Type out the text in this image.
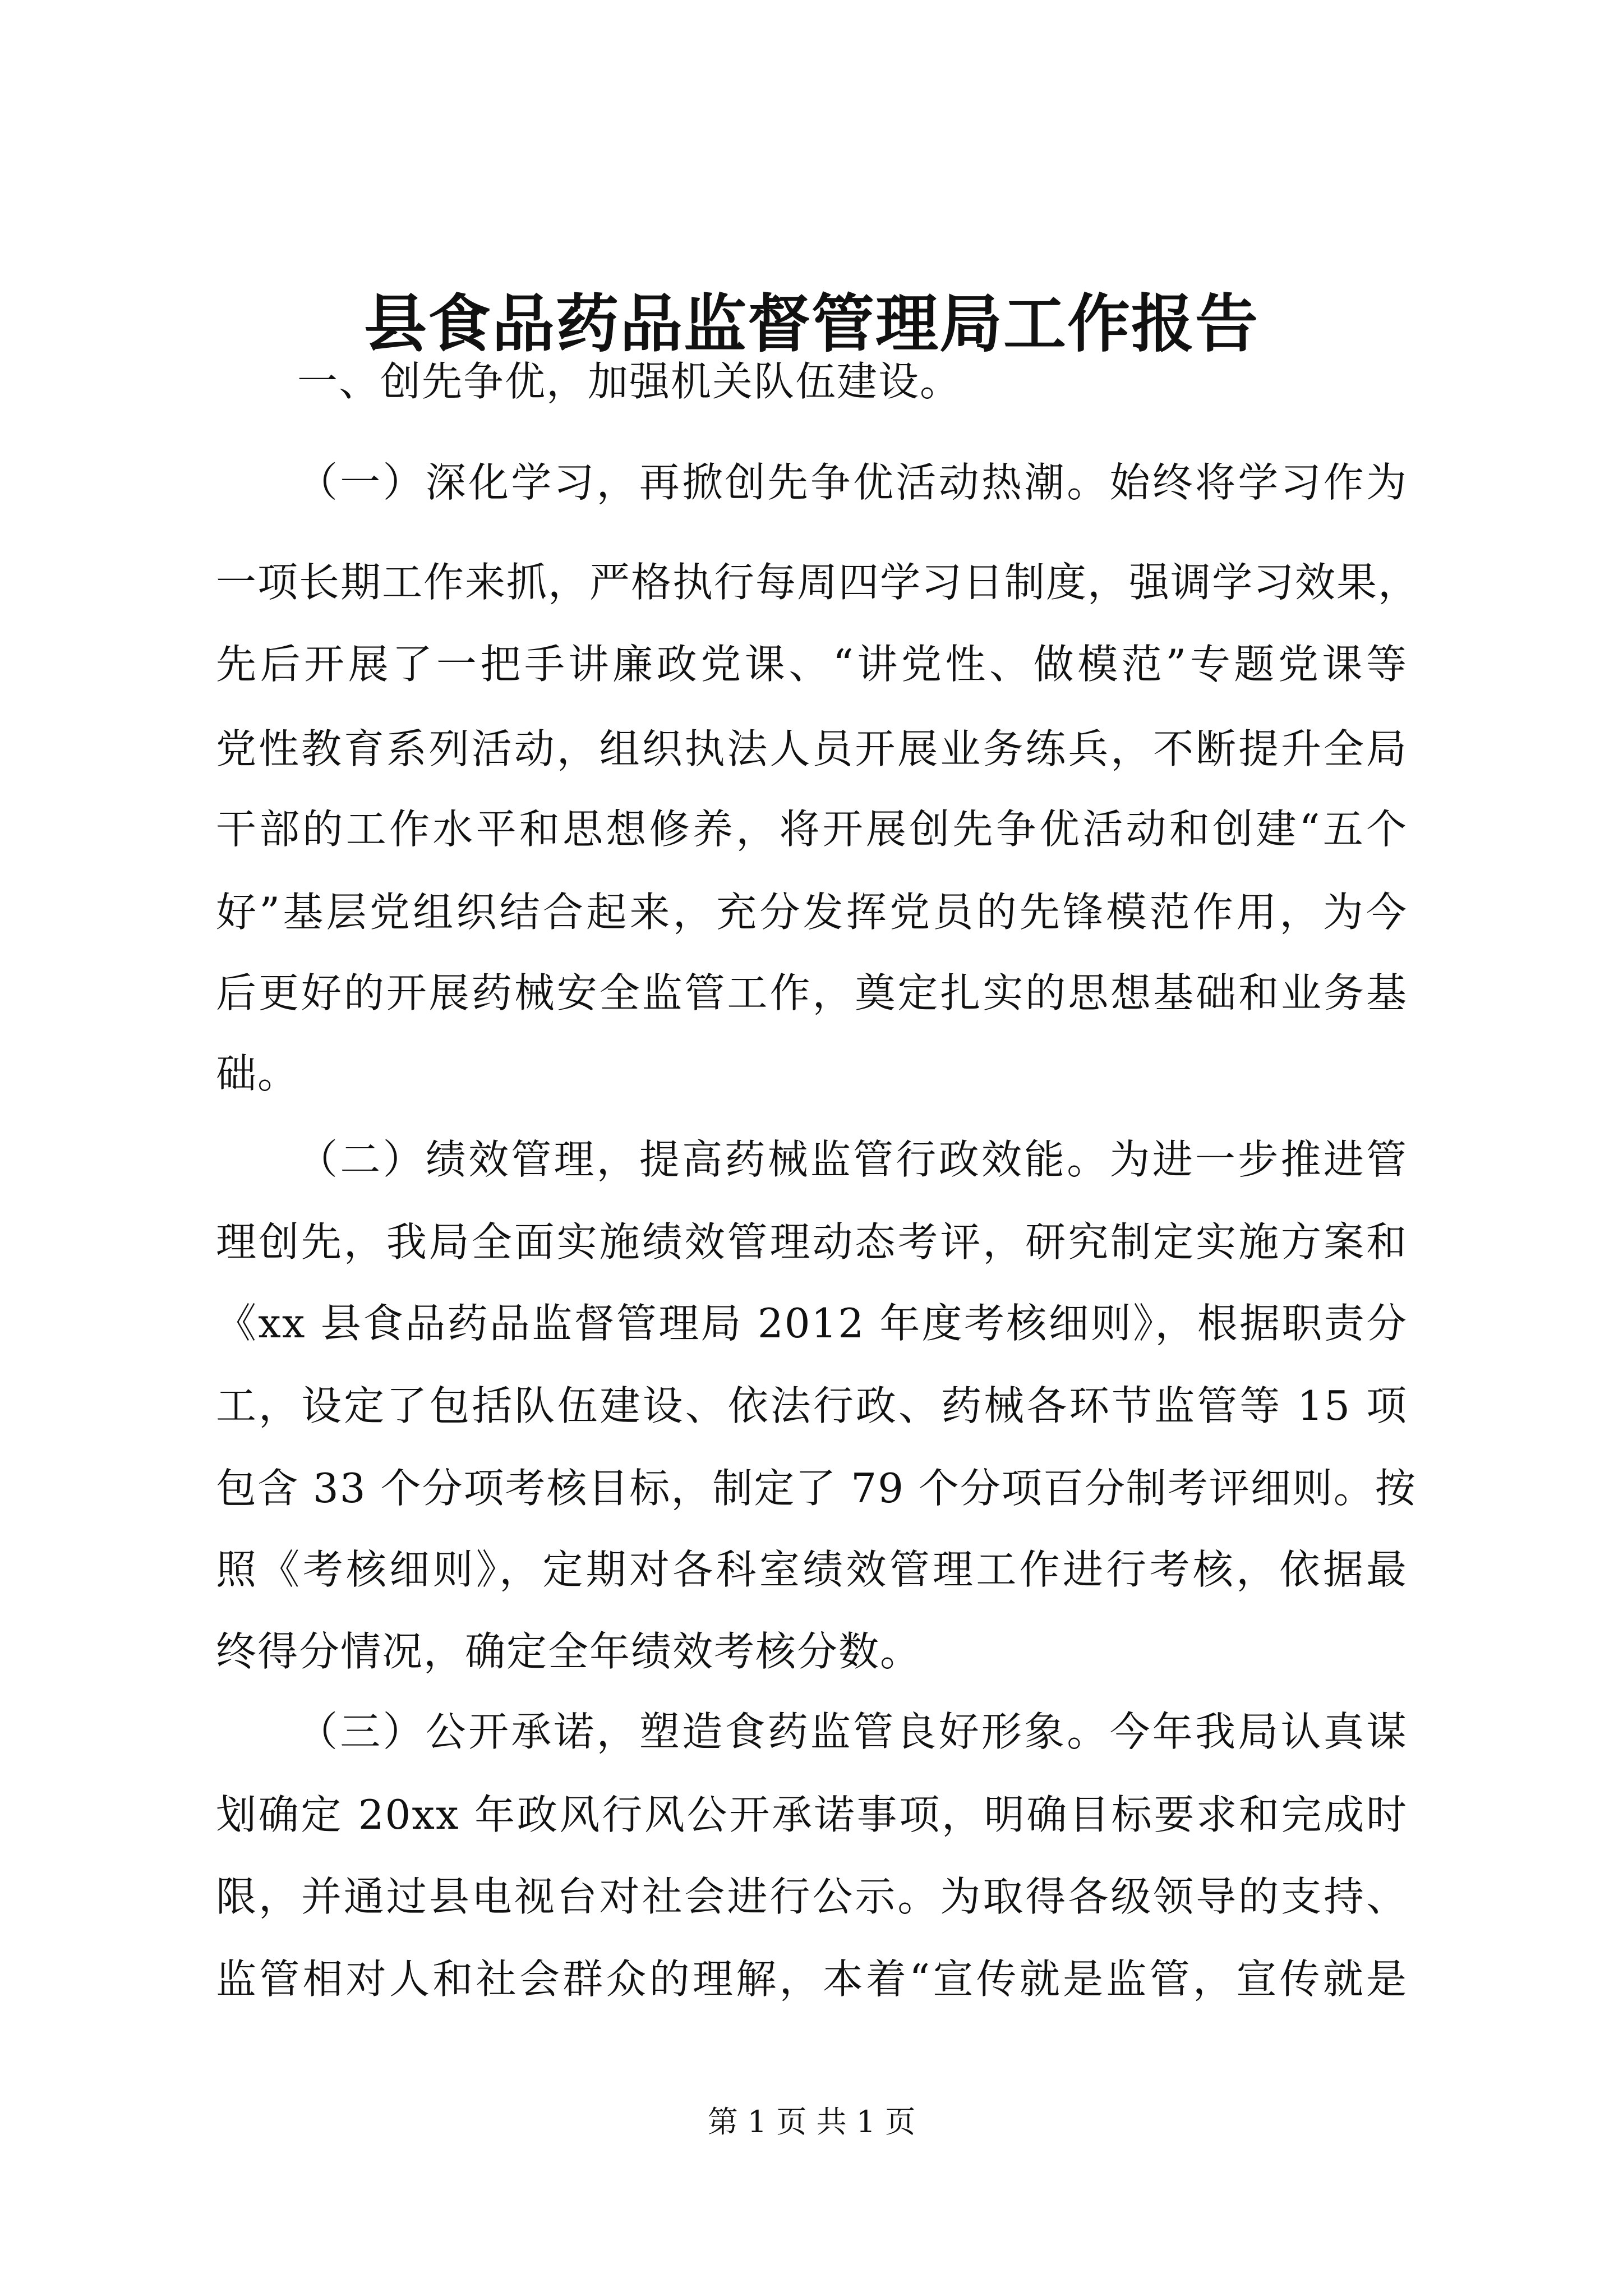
县食品药品监督管理局工作报告
一、创先争优，加强机关队伍建设。
（一）深化学习，再掀创先争优活动热潮。始终将学习作为
一项长期工作来抓，严格执行每周四学习日制度，强调学习效果，
先后开展了一把手讲廉政党课、“讲党性、做模范”专题党课等
党性教育系列活动，组织执法人员开展业务练兵，不断提升全局
干部的工作水平和思想修养，将开展创先争优活动和创建“五个
好”基层党组织结合起来，充分发挥党员的先锋模范作用，为今
后更好的开展药械安全监管工作，奠定扎实的思想基础和业务基
础。
（二）绩效管理，提高药械监管行政效能。为进一步推进管
理创先，我局全面实施绩效管理动态考评，研究制定实施方案和
《xx 县食品药品监督管理局 2012 年度考核细则》，根据职责分
工，设定了包括队伍建设、依法行政、药械各环节监管等 15 项
包含 33 个分项考核目标，制定了 79 个分项百分制考评细则。按
照《考核细则》，定期对各科室绩效管理工作进行考核，依据最
终得分情况，确定全年绩效考核分数。
（三）公开承诺，塑造食药监管良好形象。今年我局认真谋
划确定 20xx 年政风行风公开承诺事项，明确目标要求和完成时
限，并通过县电视台对社会进行公示。为取得各级领导的支持、
监管相对人和社会群众的理解，本着“宣传就是监管，宣传就是
第 1 页 共 1 页
